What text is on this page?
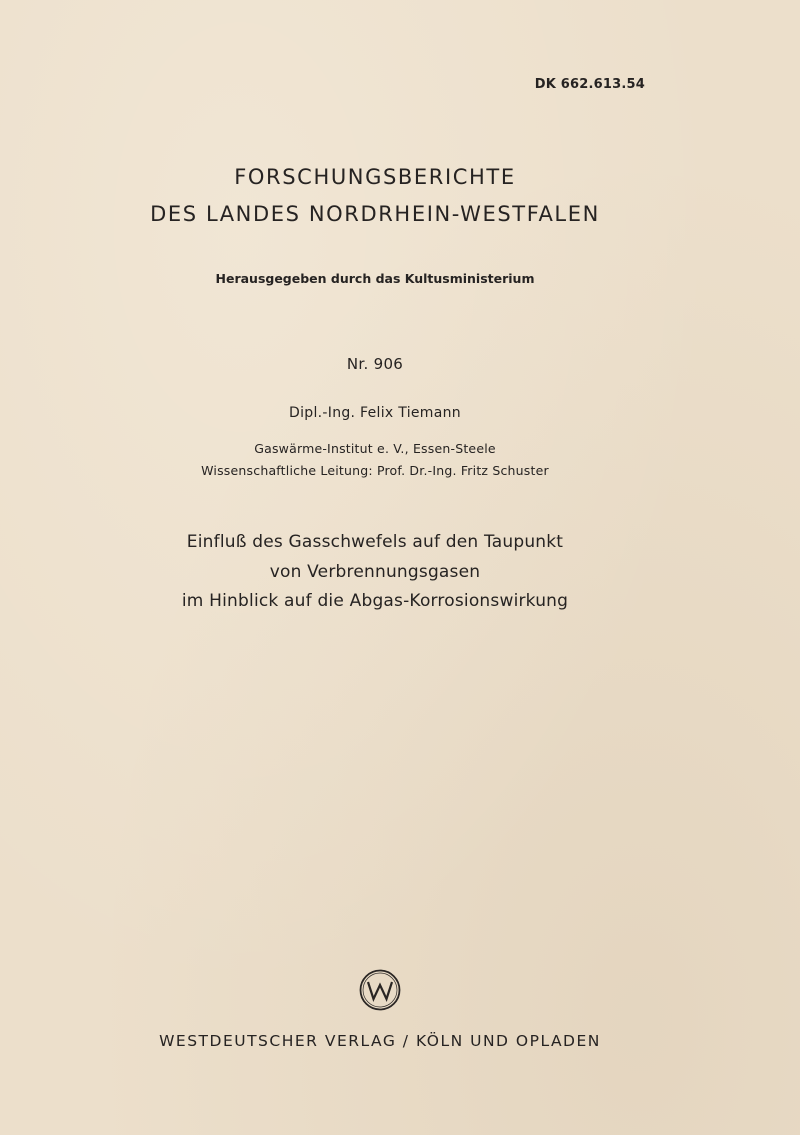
DK 662.613.54
FORSCHUNGSBERICHTE
DES LANDES NORDRHEIN-WESTFALEN
Herausgegeben durch das Kultusministerium
Nr. 906
Dipl.-Ing. Felix Tiemann
Gaswärme-Institut e. V., Essen-Steele
Wissenschaftliche Leitung: Prof. Dr.-Ing. Fritz Schuster
Einfluß des Gasschwefels auf den Taupunkt
von Verbrennungsgasen
im Hinblick auf die Abgas-Korrosionswirkung
WESTDEUTSCHER VERLAG / KÖLN UND OPLADEN
